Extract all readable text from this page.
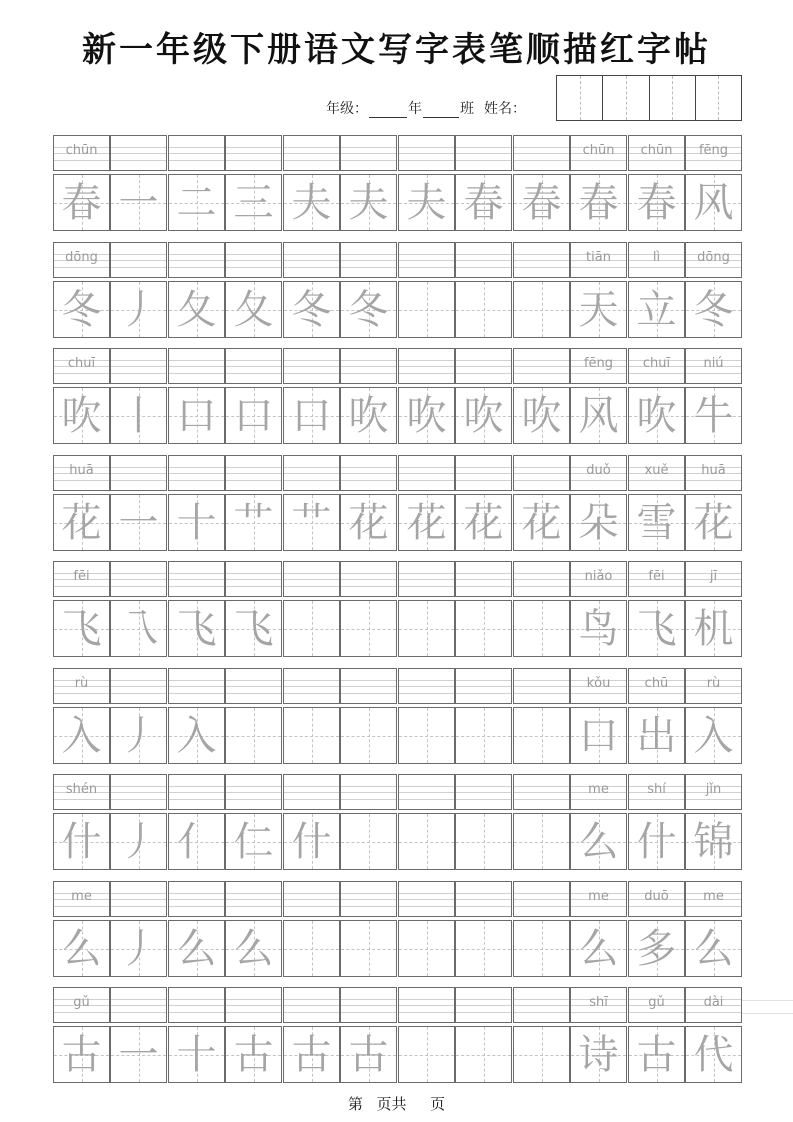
新一年级下册语文写字表笔顺描红字帖
年级：	年	班 姓名：
chūn
春 一 二 三 夫 夫 夫 春 春
chūn
春
chūn
春
fēng
风
dōng
冬 丿 夂 夂 冬 冬
tiān
天
lì
立
dōng
冬
chuī
吹 丨 口 口 口 吹 吹 吹 吹
fēng
风
chuī
吹
niú
牛
huā
花 一 十 艹 艹 花 花 花 花
duǒ
朵
xuě
雪
huā
花
fēi
飞 乁 飞 飞
niǎo
鸟
fēi
飞
jī
机
rù
入 丿 入
kǒu
口
chū
出
rù
入
shén
什 丿 亻 仁 什
me
么
shí
什
jǐn
锦
me
么 丿 么 么
me
么
duō
多
me
么
gǔ
古 一 十 古 古 古
shī
诗
gǔ
古
dài
代
第 页共 页
